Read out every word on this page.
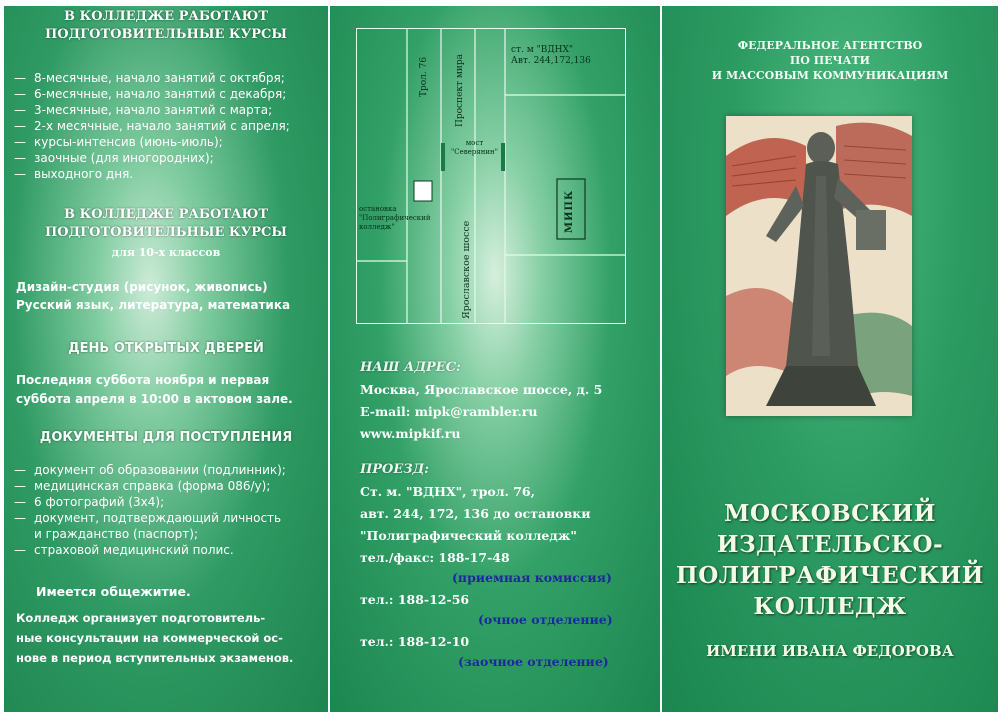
В КОЛЛЕДЖЕ РАБОТАЮТ
ПОДГОТОВИТЕЛЬНЫЕ КУРСЫ
— 8-месячные, начало занятий с октября;
— 6-месячные, начало занятий с декабря;
— 3-месячные, начало занятий с марта;
— 2-х месячные, начало занятий с апреля;
— курсы-интенсив (июнь-июль);
— заочные (для иногородних);
— выходного дня.
В КОЛЛЕДЖЕ РАБОТАЮТ
ПОДГОТОВИТЕЛЬНЫЕ КУРСЫ
для 10-х классов
Дизайн-студия (рисунок, живопись)
Русский язык, литература, математика
ДЕНЬ ОТКРЫТЫХ ДВЕРЕЙ
Последняя суббота ноября и первая
суббота апреля в 10:00 в актовом зале.
ДОКУМЕНТЫ ДЛЯ ПОСТУПЛЕНИЯ
— документ об образовании (подлинник);
— медицинская справка (форма 086/у);
— 6 фотографий (3х4);
— документ, подтверждающий личность
и гражданство (паспорт);
— страховой медицинский полис.
Имеется общежитие.
Колледж организует подготовитель-
ные консультации на коммерческой ос-
нове в период вступительных экзаменов.
Трол. 76	Проспект мира
ст. м "ВДНХ"
Авт. 244,172,136
мост
"Северянин"
остановка
"Полиграфический
колледж"	Ярославское шоссе
МИПК
НАШ АДРЕС:
Москва, Ярославское шоссе, д. 5
E-mail: mipk@rambler.ru
www.mipkif.ru
ПРОЕЗД:
Ст. м. "ВДНХ", трол. 76,
авт. 244, 172, 136 до остановки
"Полиграфический колледж"
тел./факс: 188-17-48
(приемная комиссия)
тел.: 188-12-56
(очное отделение)
тел.: 188-12-10
(заочное отделение)
ФЕДЕРАЛЬНОЕ АГЕНТСТВО
ПО ПЕЧАТИ
И МАССОВЫМ КОММУНИКАЦИЯМ
МОСКОВСКИЙ
ИЗДАТЕЛЬСКО-
ПОЛИГРАФИЧЕСКИЙ
КОЛЛЕДЖ
ИМЕНИ ИВАНА ФЕДОРОВА
